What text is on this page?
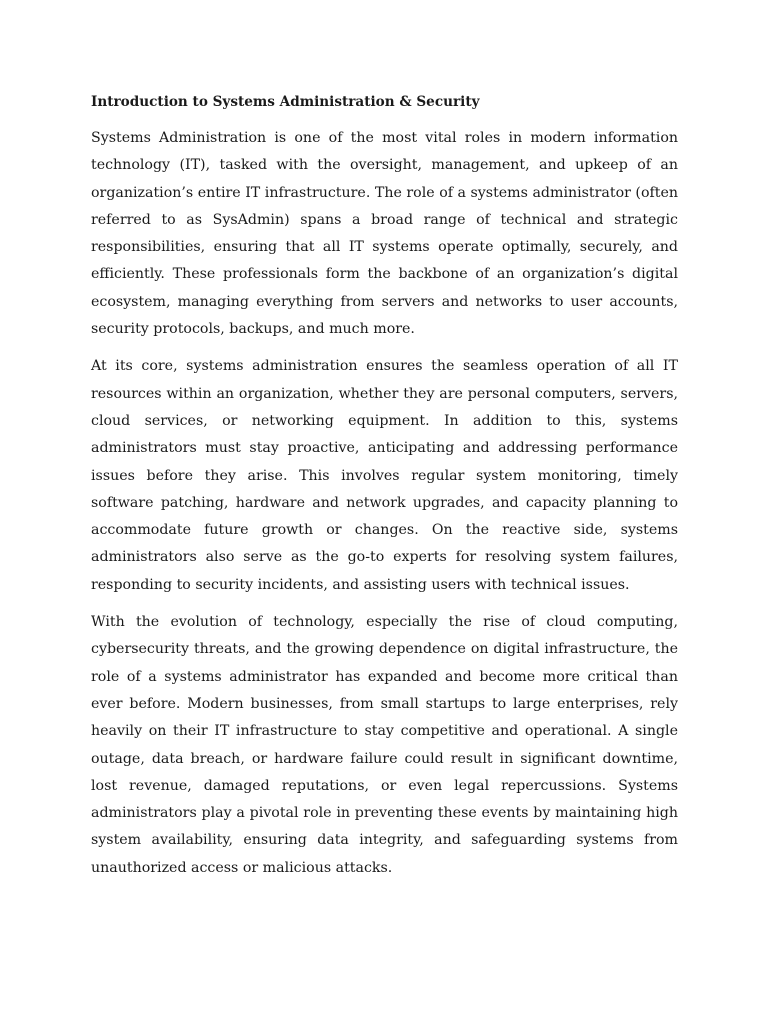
Introduction to Systems Administration & Security

Systems Administration is one of the most vital roles in modern information technology (IT), tasked with the oversight, management, and upkeep of an organization’s entire IT infrastructure. The role of a systems administrator (often referred to as SysAdmin) spans a broad range of technical and strategic responsibilities, ensuring that all IT systems operate optimally, securely, and efficiently. These professionals form the backbone of an organization’s digital ecosystem, managing everything from servers and networks to user accounts, security protocols, backups, and much more.

At its core, systems administration ensures the seamless operation of all IT resources within an organization, whether they are personal computers, servers, cloud services, or networking equipment. In addition to this, systems administrators must stay proactive, anticipating and addressing performance issues before they arise. This involves regular system monitoring, timely software patching, hardware and network upgrades, and capacity planning to accommodate future growth or changes. On the reactive side, systems administrators also serve as the go-to experts for resolving system failures, responding to security incidents, and assisting users with technical issues.

With the evolution of technology, especially the rise of cloud computing, cybersecurity threats, and the growing dependence on digital infrastructure, the role of a systems administrator has expanded and become more critical than ever before. Modern businesses, from small startups to large enterprises, rely heavily on their IT infrastructure to stay competitive and operational. A single outage, data breach, or hardware failure could result in significant downtime, lost revenue, damaged reputations, or even legal repercussions. Systems administrators play a pivotal role in preventing these events by maintaining high system availability, ensuring data integrity, and safeguarding systems from unauthorized access or malicious attacks.
